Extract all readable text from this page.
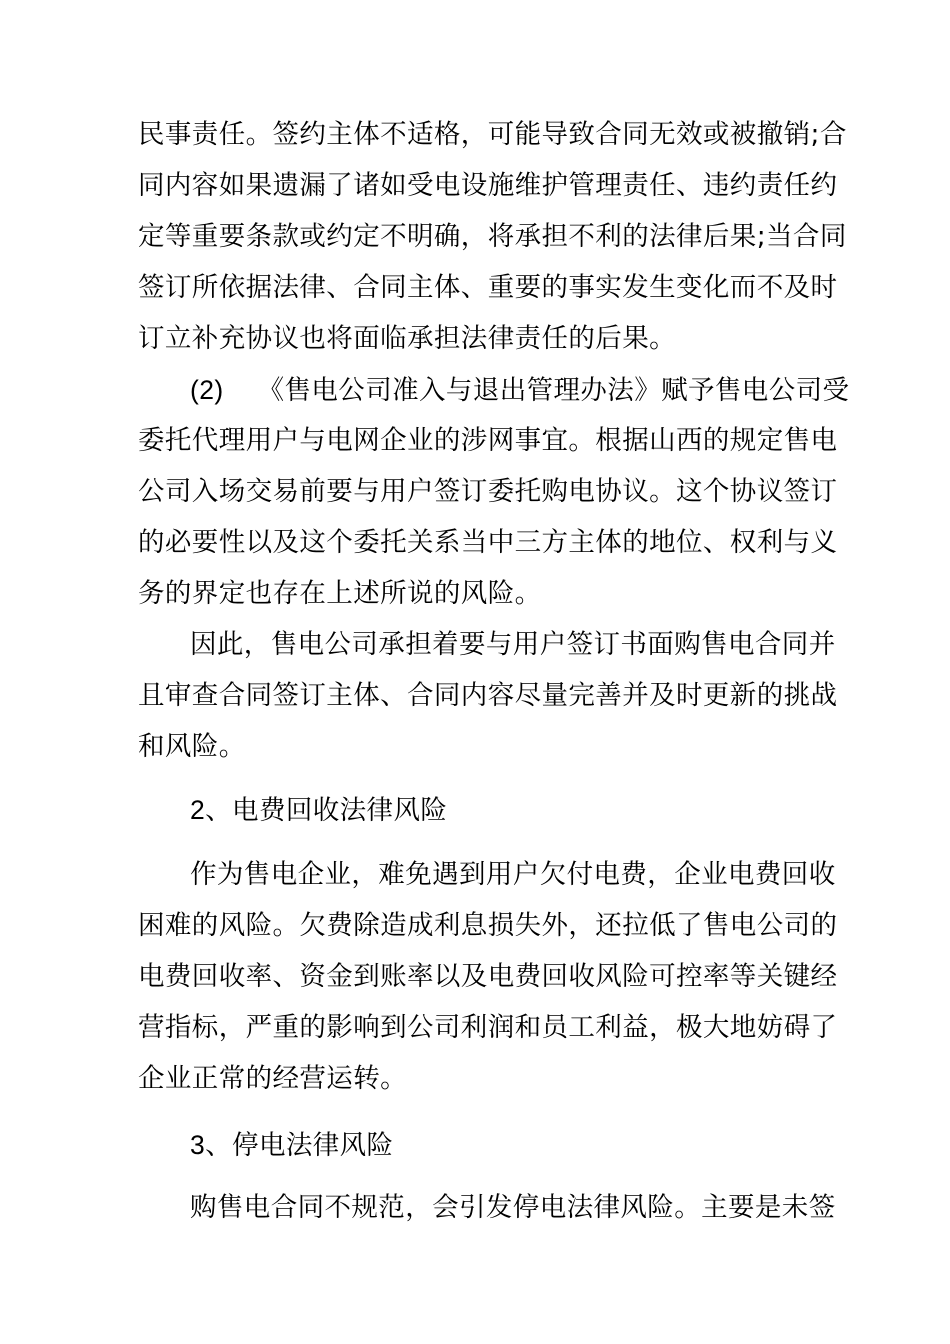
民事责任。签约主体不适格，可能导致合同无效或被撤销;合
同内容如果遗漏了诸如受电设施维护管理责任、违约责任约
定等重要条款或约定不明确，将承担不利的法律后果;当合同
签订所依据法律、合同主体、重要的事实发生变化而不及时
订立补充协议也将面临承担法律责任的后果。
(2) 《售电公司准入与退出管理办法》赋予售电公司受
委托代理用户与电网企业的涉网事宜。根据山西的规定售电
公司入场交易前要与用户签订委托购电协议。这个协议签订
的必要性以及这个委托关系当中三方主体的地位、权利与义
务的界定也存在上述所说的风险。
因此，售电公司承担着要与用户签订书面购售电合同并
且审查合同签订主体、合同内容尽量完善并及时更新的挑战
和风险。
2、电费回收法律风险
作为售电企业，难免遇到用户欠付电费，企业电费回收
困难的风险。欠费除造成利息损失外，还拉低了售电公司的
电费回收率、资金到账率以及电费回收风险可控率等关键经
营指标，严重的影响到公司利润和员工利益，极大地妨碍了
企业正常的经营运转。
3、停电法律风险
购售电合同不规范，会引发停电法律风险。主要是未签
